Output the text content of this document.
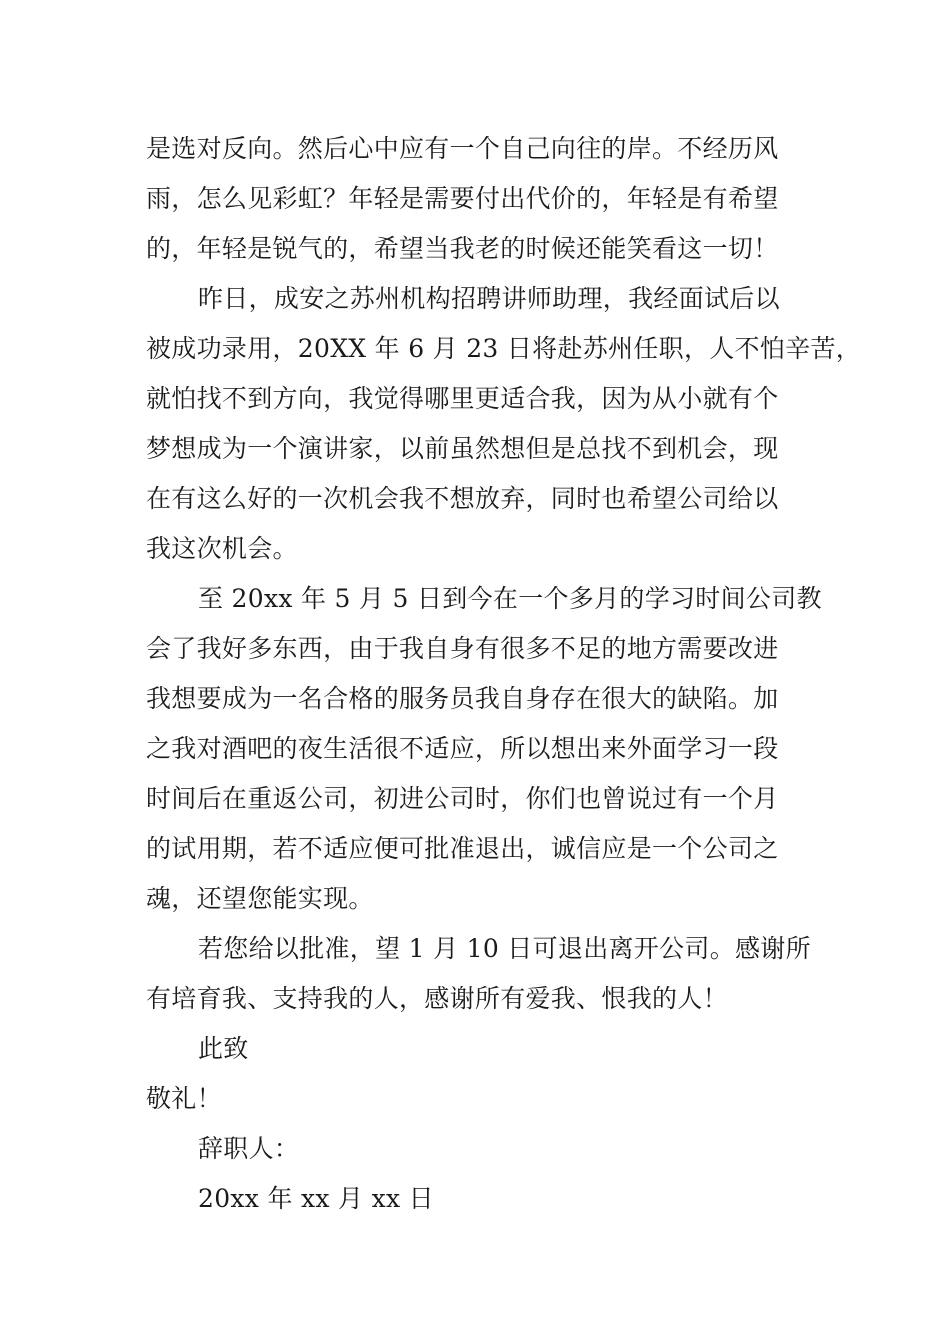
是选对反向。然后心中应有一个自己向往的岸。不经历风
雨，怎么见彩虹？年轻是需要付出代价的，年轻是有希望
的，年轻是锐气的，希望当我老的时候还能笑看这一切！
昨日，成安之苏州机构招聘讲师助理，我经面试后以
被成功录用，20XX 年 6 月 23 日将赴苏州任职，人不怕辛苦，
就怕找不到方向，我觉得哪里更适合我，因为从小就有个
梦想成为一个演讲家，以前虽然想但是总找不到机会，现
在有这么好的一次机会我不想放弃，同时也希望公司给以
我这次机会。
至 20xx 年 5 月 5 日到今在一个多月的学习时间公司教
会了我好多东西，由于我自身有很多不足的地方需要改进
我想要成为一名合格的服务员我自身存在很大的缺陷。加
之我对酒吧的夜生活很不适应，所以想出来外面学习一段
时间后在重返公司，初进公司时，你们也曾说过有一个月
的试用期，若不适应便可批准退出，诚信应是一个公司之
魂，还望您能实现。
若您给以批准，望 1 月 10 日可退出离开公司。感谢所
有培育我、支持我的人，感谢所有爱我、恨我的人！
此致
敬礼！
辞职人：
20xx 年 xx 月 xx 日
